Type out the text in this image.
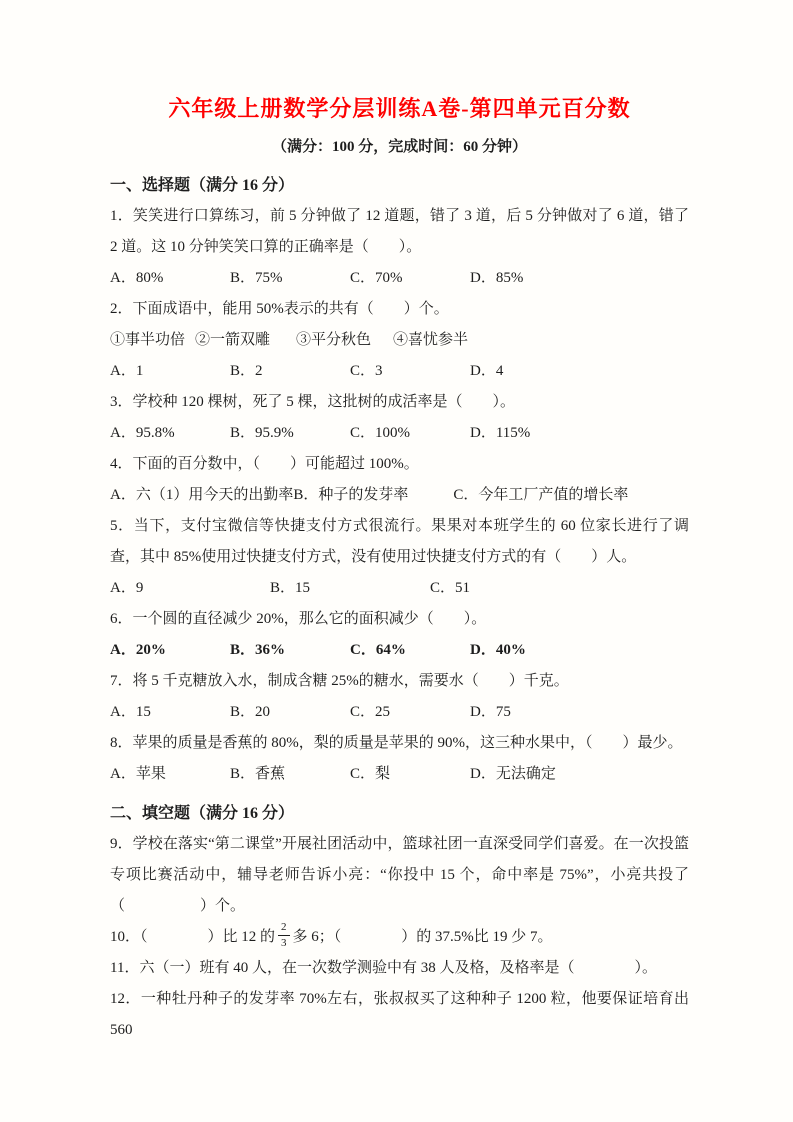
六年级上册数学分层训练A卷-第四单元百分数

（满分：100 分，完成时间：60 分钟）

一、选择题（满分 16 分）

1．笑笑进行口算练习，前 5 分钟做了 12 道题，错了 3 道，后 5 分钟做对了 6 道，错了 2 道。这 10 分钟笑笑口算的正确率是（　　）。

A．80%	B．75%	C．70%	D．85%

2．下面成语中，能用 50%表示的共有（　　）个。

①事半功倍 ②一箭双雕	③平分秋色	④喜忧参半
A．1	B．2	C．3	D．4

3．学校种 120 棵树，死了 5 棵，这批树的成活率是（　　）。

A．95.8%	B．95.9%	C．100%	D．115%

4．下面的百分数中，（　　）可能超过 100%。

A．六（1）用今天的出勤率 B．种子的发芽率	C．今年工厂产值的增长率

5．当下，支付宝微信等快捷支付方式很流行。果果对本班学生的 60 位家长进行了调查，其中 85%使用过快捷支付方式，没有使用过快捷支付方式的有（　　）人。

A．9	B．15	C．51

6．一个圆的直径减少 20%，那么它的面积减少（　　）。

A．20%	B．36%	C．64%	D．40%

7．将 5 千克糖放入水，制成含糖 25%的糖水，需要水（　　）千克。

A．15	B．20	C．25	D．75

8．苹果的质量是香蕉的 80%，梨的质量是苹果的 90%，这三种水果中，（　　）最少。

A．苹果	B．香蕉	C．梨	D．无法确定
二、填空题（满分 16 分）

9．学校在落实“第二课堂”开展社团活动中，篮球社团一直深受同学们喜爱。在一次投篮专项比赛活动中，辅导老师告诉小亮：“你投中 15 个，命中率是 75%”，小亮共投了（　　　　　）个。

10．（　　　　）比 12 的 $\frac{2}{3}$ 多 6；（　　　　）的 37.5%比 19 少 7。

11．六（一）班有 40 人，在一次数学测验中有 38 人及格，及格率是（　　　　）。

12．一种牡丹种子的发芽率 70%左右，张叔叔买了这种种子 1200 粒，他要保证培育出 560
